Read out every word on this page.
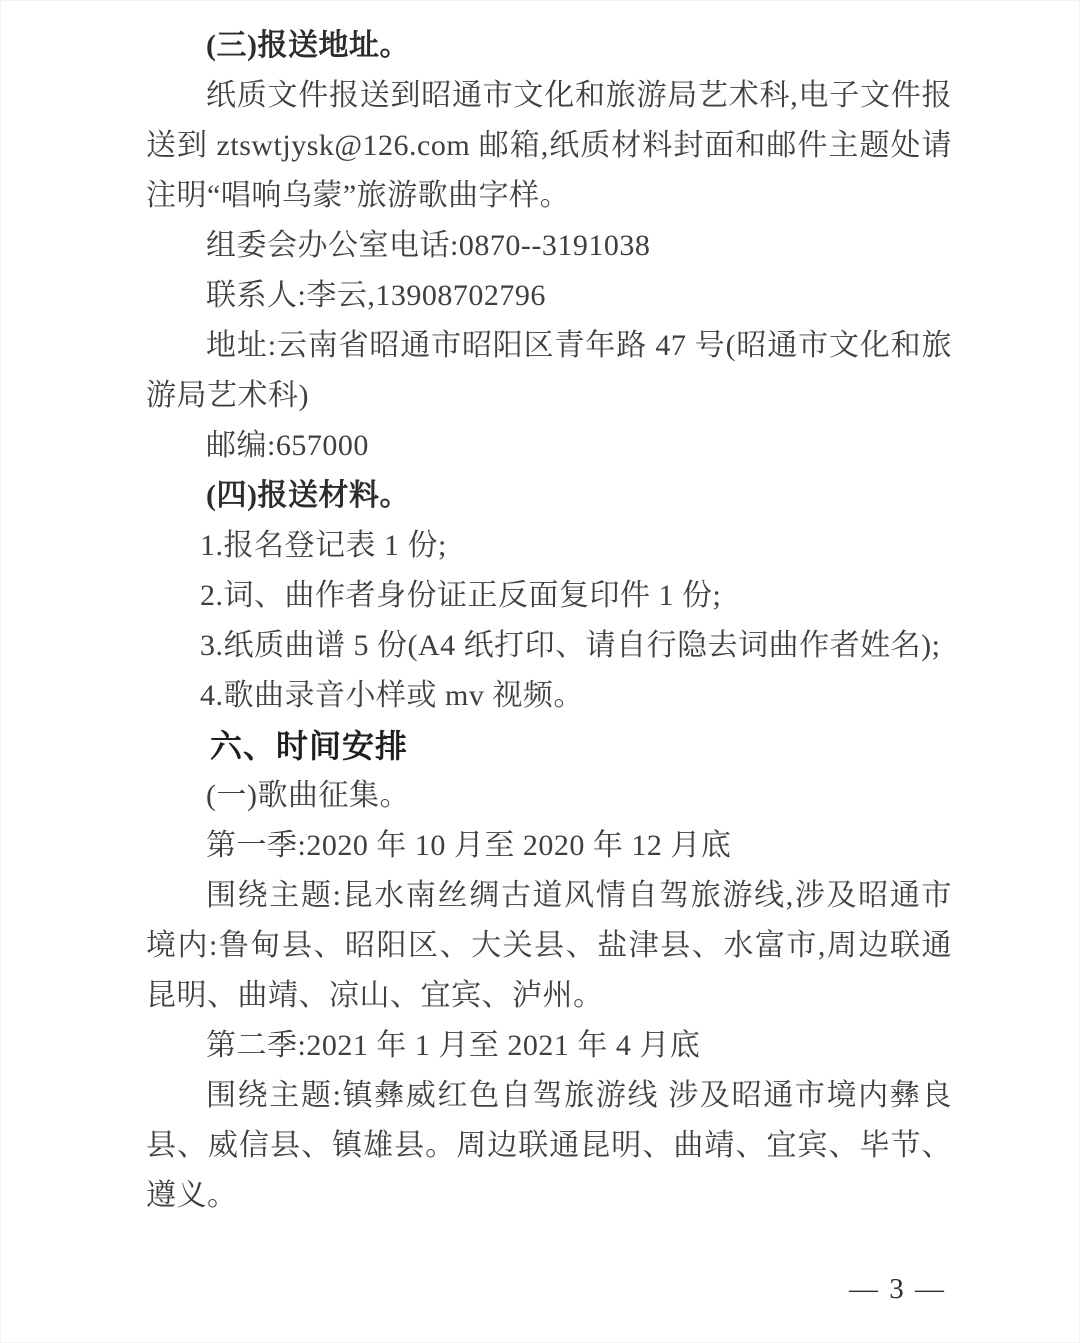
(三)报送地址。
纸质文件报送到昭通市文化和旅游局艺术科,电子文件报送到 ztswtjysk@126.com 邮箱,纸质材料封面和邮件主题处请注明“唱响乌蒙”旅游歌曲字样。
组委会办公室电话:0870--3191038
联系人:李云,13908702796
地址:云南省昭通市昭阳区青年路 47 号(昭通市文化和旅游局艺术科)
邮编:657000
(四)报送材料。
1.报名登记表 1 份;
2.词、曲作者身份证正反面复印件 1 份;
3.纸质曲谱 5 份(A4 纸打印、请自行隐去词曲作者姓名);
4.歌曲录音小样或 mv 视频。
六、时间安排
(一)歌曲征集。
第一季:2020 年 10 月至 2020 年 12 月底
围绕主题:昆水南丝绸古道风情自驾旅游线,涉及昭通市境内:鲁甸县、昭阳区、大关县、盐津县、水富市,周边联通昆明、曲靖、凉山、宜宾、泸州。
第二季:2021 年 1 月至 2021 年 4 月底
围绕主题:镇彝威红色自驾旅游线 涉及昭通市境内彝良县、威信县、镇雄县。周边联通昆明、曲靖、宜宾、毕节、遵义。
— 3 —
